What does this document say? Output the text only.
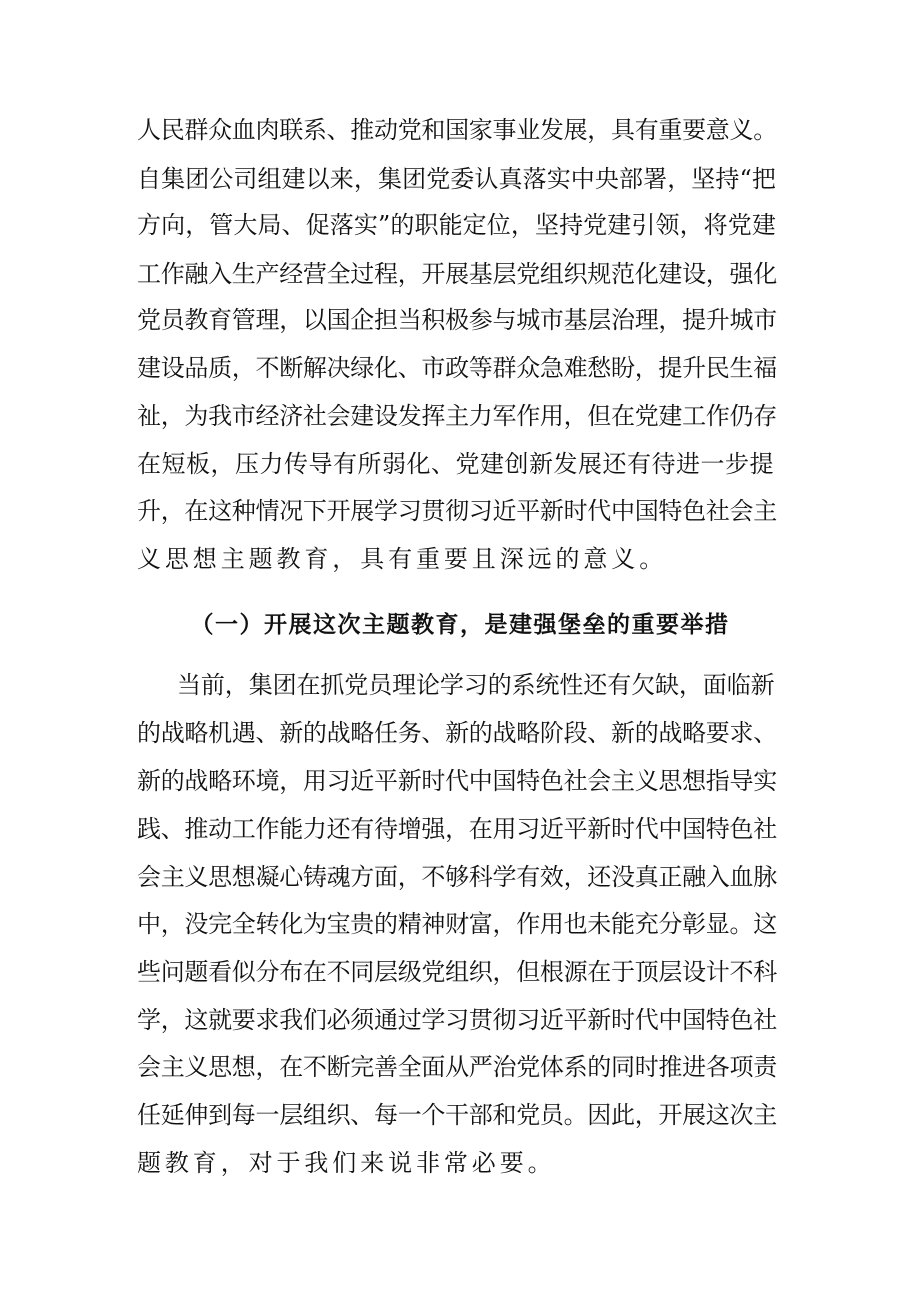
人民群众血肉联系、推动党和国家事业发展，具有重要意义。
自集团公司组建以来，集团党委认真落实中央部署，坚持“把
方向，管大局、促落实”的职能定位，坚持党建引领，将党建
工作融入生产经营全过程，开展基层党组织规范化建设，强化
党员教育管理，以国企担当积极参与城市基层治理，提升城市
建设品质，不断解决绿化、市政等群众急难愁盼，提升民生福
祉，为我市经济社会建设发挥主力军作用，但在党建工作仍存
在短板，压力传导有所弱化、党建创新发展还有待进一步提
升，在这种情况下开展学习贯彻习近平新时代中国特色社会主
义思想主题教育，具有重要且深远的意义。
（一）开展这次主题教育，是建强堡垒的重要举措
当前，集团在抓党员理论学习的系统性还有欠缺，面临新
的战略机遇、新的战略任务、新的战略阶段、新的战略要求、
新的战略环境，用习近平新时代中国特色社会主义思想指导实
践、推动工作能力还有待增强，在用习近平新时代中国特色社
会主义思想凝心铸魂方面，不够科学有效，还没真正融入血脉
中，没完全转化为宝贵的精神财富，作用也未能充分彰显。这
些问题看似分布在不同层级党组织，但根源在于顶层设计不科
学，这就要求我们必须通过学习贯彻习近平新时代中国特色社
会主义思想，在不断完善全面从严治党体系的同时推进各项责
任延伸到每一层组织、每一个干部和党员。因此，开展这次主
题教育，对于我们来说非常必要。
